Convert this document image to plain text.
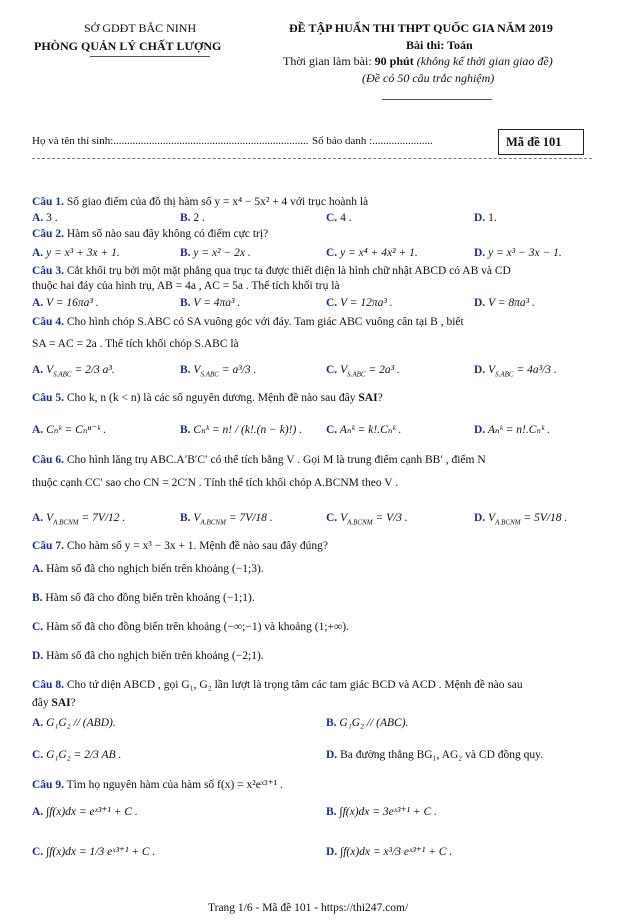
SỞ GDĐT BẮC NINH
PHÒNG QUẢN LÝ CHẤT LƯỢNG
ĐỀ TẬP HUẤN THI THPT QUỐC GIA NĂM 2019
Bài thi: Toán
Thời gian làm bài: 90 phút (không kể thời gian giao đề)
(Đề có 50 câu trắc nghiệm)
Họ và tên thí sinh:....................................................................... Số báo danh :......................	Mã đề 101
Câu 1. Số giao điểm của đồ thị hàm số y = x⁴ − 5x² + 4 với trục hoành là
A. 3 .	B. 2 .	C. 4 .	D. 1.
Câu 2. Hàm số nào sau đây không có điểm cực trị?
A. y = x³ + 3x + 1.	B. y = x² − 2x .	C. y = x⁴ + 4x² + 1.	D. y = x³ − 3x − 1.
Câu 3. Cắt khối trụ bởi một mặt phẳng qua trục ta được thiết diện là hình chữ nhật ABCD có AB và CD
thuộc hai đáy của hình trụ, AB = 4a , AC = 5a . Thể tích khối trụ là
A. V = 16πa³ .	B. V = 4πa³ .	C. V = 12πa³ .	D. V = 8πa³ .
Câu 4. Cho hình chóp S.ABC có SA vuông góc với đáy. Tam giác ABC vuông cân tại B , biết
SA = AC = 2a . Thể tích khối chóp S.ABC là
A. $V_{S.ABC} = 2/3$ a³.	B. $V_{S.ABC} = a^3/3$ .	C. $V_{S.ABC} = 2a^3$ .	D. $V_{S.ABC} = 4a^3/3$ .
Câu 5. Cho k, n (k < n) là các số nguyên dương. Mệnh đề nào sau đây SAI?
A. Cₙᵏ = Cₙⁿ⁻ᵏ .	B. Cₙᵏ = n! / (k!.(n − k)!) . C. Aₙᵏ = k!.Cₙᵏ .	D. Aₙᵏ = n!.Cₙᵏ .
Câu 6. Cho hình lăng trụ ABC.A′B′C′ có thể tích bằng V . Gọi M là trung điểm cạnh BB′ , điểm N
thuộc cạnh CC′ sao cho CN = 2C′N . Tính thể tích khối chóp A.BCNM theo V .
A. $V_{A.BCNM} = 7V/12$ .	B. $V_{A.BCNM} = 7V/18$ .	C. $V_{A.BCNM} = V/3$ .	D. $V_{A.BCNM} = 5V/18$ .
Câu 7. Cho hàm số y = x³ − 3x + 1. Mệnh đề nào sau đây đúng?
A. Hàm số đã cho nghịch biến trên khoảng (−1;3).
B. Hàm số đã cho đồng biến trên khoảng (−1;1).
C. Hàm số đã cho đồng biến trên khoảng (−∞;−1) và khoảng (1;+∞).
D. Hàm số đã cho nghịch biến trên khoảng (−2;1).
Câu 8. Cho tứ diện ABCD , gọi G₁, G₂ lần lượt là trọng tâm các tam giác BCD và ACD . Mệnh đề nào sau
đây SAI?
A. G₁G₂ // (ABD).	B. G₁G₂ // (ABC).
C. G₁G₂ = 2/3 AB .	D. Ba đường thẳng BG₁, AG₂ và CD đồng quy.
Câu 9. Tìm họ nguyên hàm của hàm số f(x) = x²eˣ³⁺¹ .
A. ∫f(x)dx = eˣ³⁺¹ + C .	B. ∫f(x)dx = 3eˣ³⁺¹ + C .
C. ∫f(x)dx = 1/3 eˣ³⁺¹ + C .	D. ∫f(x)dx = x³/3 eˣ³⁺¹ + C .
Trang 1/6 - Mã đề 101 - https://thi247.com/
